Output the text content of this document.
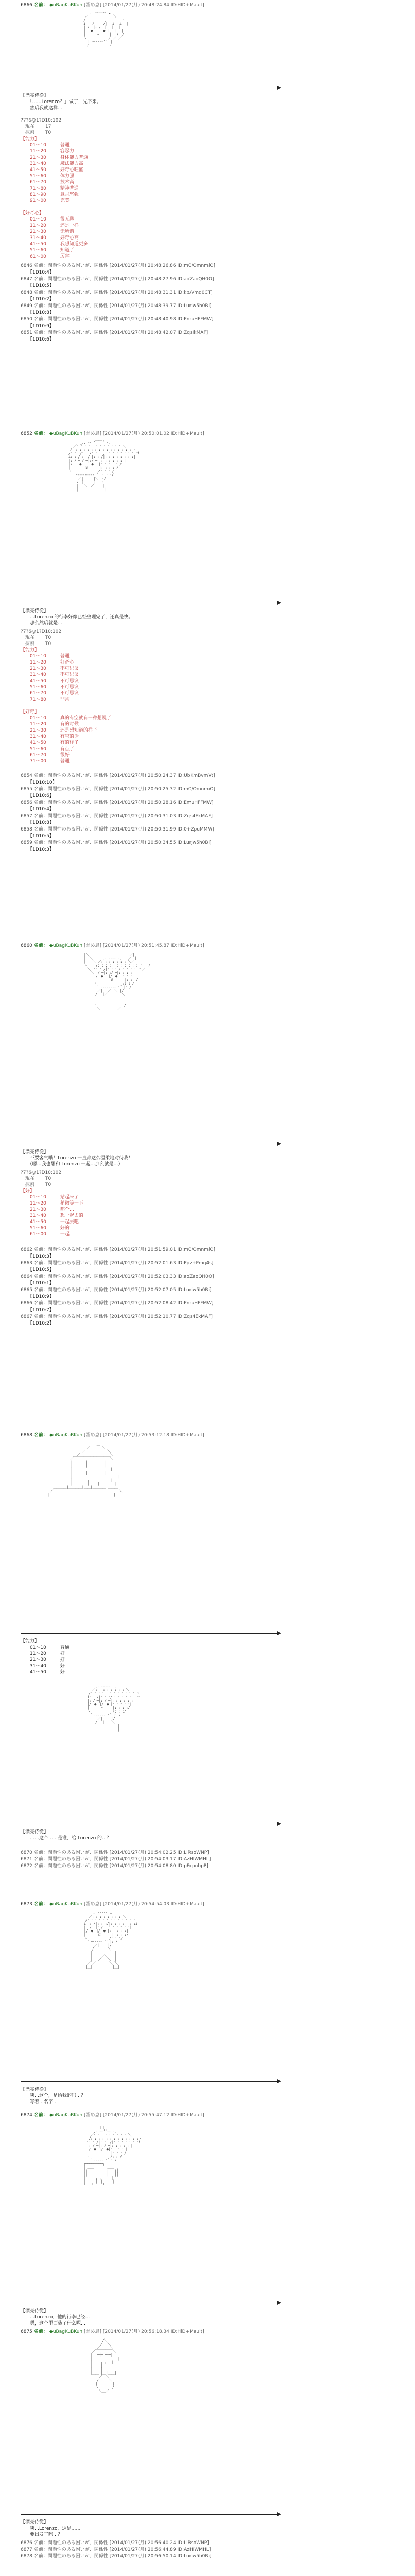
6866 名前： ◆uBagKuBKuh [溜め息] [2014/01/27(月) 20:48:24.84 ID:HlD+Mauit]
　　　　　　　　　　　　　　　　　 ,　-‐==‐- .、
　　　　　　　　　　　　　　　　／　　　　　　　 ＼
　　　　　　　　　　　　 　 　 /　　 ,　　 ,　　　　 ヽ
　　　　　　　　　　　　 　 　 i　　/ |　 /|　 i　 i　 |
　　　　　　　　　　　　 　 　 | / ─|‐ /─ |　 |　 |
　　　　　　　　　　　　 　 　 |　 ● 　　 ● | 　|　 |
　　　　　　　　　　　　 　 　 |　　　 ｰ 　　 |　 /　/
　　　　　　　　　　　　 　 　 ヽ_　　　　　_ノ ／ ／
　　　　　　　　　　　　 　 　　 |｀ー‐‐‐‐'´　|
　　　　　　　　　　　　 　 　　 ﾉ　　　　　　ヽ
【漂亮侍從】
　　「……Lorenzo？」做了，先下来。
　　然后我就这样…
?7?6@1?D10:102
　現在　:　17
　探索　:　T0
【能力】
　　01〜10　　　普通
　　11〜20　　　容忍力
　　21〜30　　　身体能力普通
　　31〜40　　　魔法能力高
　　41〜50　　　好奇心旺盛
　　51〜60　　　体力强
　　61〜70　　　技术高
　　71〜80　　　精神普通
　　81〜90　　　意志坚强
　　91〜00　　　完美

【好奇心】
　　01〜10　　　很无聊
　　11〜20　　　还是一样
　　21〜30　　　无所谓
　　31〜40　　　好奇心高
　　41〜50　　　我想知道更多
　　51〜60　　　知道了
　　61〜00　　　厉害
6846 名前：問題性のある困いが、関係性 [2014/01/27(月) 20:48:26.86 ID:m0/OmnmiO]
【1D10:4】
6847 名前：問題性のある困いが、関係性 [2014/01/27(月) 20:48:27.96 ID:aoZaoQH0O]
【1D10:5】
6848 名前：問題性のある困いが、関係性 [2014/01/27(月) 20:48:31.31 ID:kb/Vmd0CT]
【1D10:2】
6849 名前：問題性のある困いが、関係性 [2014/01/27(月) 20:48:39.77 ID:Lurjw5h0Bi]
【1D10:8】
6850 名前：問題性のある困いが、関係性 [2014/01/27(月) 20:48:40.98 ID:EmuHFFMW]
【1D10:9】
6851 名前：問題性のある困いが、関係性 [2014/01/27(月) 20:48:42.07 ID:ZqsIkMAF]
【1D10:6】
6852 名前： ◆uBagKuBKuh [溜め息] [2014/01/27(月) 20:50:01.02 ID:HlD+Mauit]
　　　　　　　　　　　 _,. -‐ '￣￣｀ヽ、
　　　　　　　　　 ／: : : : : : : : : : : : ＼
　　　　　　　　 /: : : : : : : : : : : : : : : : ヽ
　　　　　　 　 /: : :/: : /: : : ,: : : : : : : : :i
　　　　　　 　 i: : /|: :/ |: : /|: : : : : : : :|
　　　　　　 　 |: / ─|/ ─|:/ ─ |: : : : : : |
　　　　　　 　 |/ 　 ●　　　●　 |: : : : : /
　　　　　　 　 |　　　　 ﾛ　　　 |: : : : /
　　　　　　 　 ヽ　　　　　　　 ノ: : : /
　　　　　　 　　 ` ｰ--------‐ ' |: : :/
　　　　　　　　　　　／|　　　|＼ ヽ/
　　　　　　　　　　 /　|　　　|　 ヽ
　　　　　　　　　　 |　 ＼＿／　　 |
　　　　　　　　　　 |　　　　　　　 |
【漂亮侍從】
　　…Lorenzo 的行李好像已经整理完了，还真是快。
　　那么然后就是…
?7?6@1?D10:102
　現在　:　T0
　探索　:　T0
【能力】
　　01〜10　　　普通
　　11〜20　　　好奇心
　　21〜30　　　不可思议
　　31〜40　　　不可思议
　　41〜50　　　不可思议
　　51〜60　　　不可思议
　　61〜70　　　不可思议
　　71〜80　　　非常

【好奇】
　　01〜10　　　真的有空就有一种想说了
　　11〜20　　　有的时候
　　21〜30　　　还是想知道的样子
　　31〜40　　　有空的话
　　41〜50　　　有的样子
　　51〜60　　　有点了
　　61〜70　　　很好
　　71〜00　　　普通
6854 名前：問題性のある困いが、関係性 [2014/01/27(月) 20:50:24.37 ID:UbKmBvmVt]
【1D10:10】
6855 名前：問題性のある困いが、関係性 [2014/01/27(月) 20:50:25.32 ID:m0/OmnmiO]
【1D10:6】
6856 名前：問題性のある困いが、関係性 [2014/01/27(月) 20:50:28.16 ID:EmuHFFMW]
【1D10:4】
6857 名前：問題性のある困いが、関係性 [2014/01/27(月) 20:50:31.03 ID:Zqs4EkMAF]
【1D10:8】
6858 名前：問題性のある困いが、関係性 [2014/01/27(月) 20:50:31.99 ID:0+ZpuMMW]
【1D10:5】
6859 名前：問題性のある困いが、関係性 [2014/01/27(月) 20:50:34.55 ID:Lurjw5h0Bi]
【1D10:3】
6860 名前： ◆uBagKuBKuh [溜め息] [2014/01/27(月) 20:51:45.87 ID:HlD+Mauit]
　　　　　　 |＼　　　　　　　　　　　　／|
　　　　　　 |　＼　　　,. -‐‐- .、　　／　|
　　　　　　 |　　＼ ／: : : : : : : ＼／　 |
　　　　　　 ヽ　　 /: : : : : : : : : : : ヽ　 /
　　　　　　　 ＼　i: : /|: : : /|: : : : :i／
　　　　　　　　 ＼| / ─|: :/ ─|: : : : |
　　　　　　　　　 |/　●　 |/　●　|: : : |
　　　　　　　　　 |　　　　 ﾛ　　　 |: : :/
　　　　　　　　　 ヽ　　　　　　　 /: : /
　　　　　　　　　　 ` ｰ------‐ '´ |: /
　　　　　　　　　　 ／|　 ／　＼ |/
　　　　　　　　　　/　 |／　　　　＼
　　　　　　　　　 |　　　　　　　　　|
　　　　　　　　　 |　　　　　　　　　|
　　　　　　　　　 ヽ　　　　　　　　/
　　　　　　　　　　 ＼＿＿＿＿＿／
【漂亮侍從】
　　不要客气哦！Lorenzo 一直都这么温柔地对待我！
　　（嗯…我也想和 Lorenzo 一起…那么就是…）
?7?6@1?D10:102
　現在　:　T0
　探索　:　T0
【好】
　　01〜10　　　站起来了
　　11〜20　　　稍微等一下
　　21〜30　　　那个…
　　31〜40　　　想一起去的
　　41〜50　　　一起去吧
　　51〜60　　　好的
　　61〜00　　　一起
6862 名前：問題性のある困いが、関係性 [2014/01/27(月) 20:51:59.01 ID:m0/OmnmiO]
【1D10:3】
6863 名前：問題性のある困いが、関係性 [2014/01/27(月) 20:52:01.63 ID:Ppz+Pmq4s]
【1D10:5】
6864 名前：問題性のある困いが、関係性 [2014/01/27(月) 20:52:03.33 ID:aoZaoQH0O]
【1D10:1】
6865 名前：問題性のある困いが、関係性 [2014/01/27(月) 20:52:07.05 ID:Lurjw5h0Bi]
【1D10:9】
6866 名前：問題性のある困いが、関係性 [2014/01/27(月) 20:52:08.42 ID:EmuHFFMW]
【1D10:7】
6867 名前：問題性のある困いが、関係性 [2014/01/27(月) 20:52:10.77 ID:Zqs4EkMAF]
【1D10:2】
6868 名前： ◆uBagKuBKuh [溜め息] [2014/01/27(月) 20:53:12.18 ID:HlD+Mauit]
　　　　　　　　　　　　　　　_　＿
　　　　　　　　　　　　　 ／　　　 ＼
　　　　　　　　　　 　 ／　　　　　　 ＼
　　　　　　　　　　 ／　　　　　　　　　＼
　　　　　　　　 ／￣￣￣￣￣￣￣￣￣￣￣＼
　　　　　　　　 |　　　　|　　　　　|　　　　|
　　　　　　　　 |　　　　|　　　　　|　　　　|
　　　　　　　　 |　　　 ─┼─　　 ─┼─　　|
　　　　　　　　 |　　　　|　　　　　|　　　　|
　　　　　　　　 |　　　　　　　　　　　　　 |
　　　　　　　　 |　　　　 ┌──┐　　　　 |
　　　　　　　　 |　　　　 |　　 |　　　　 |
　　　 ＿＿＿＿|＿＿＿＿|＿＿|＿＿＿＿|＿＿＿
　　 ／　　　　　　　　　　　　　　　　　　　 ＼
　　|＿＿＿＿＿＿＿＿＿＿＿＿＿＿＿＿＿＿＿|
【能力】
　　01〜10　　　普通
　　11〜20　　　好
　　21〜30　　　好
　　31〜40　　　好
　　41〜50　　　好
　　　　　　　　　　,. -‐‐‐- .、
　　　　　　　　　／: : : : : : : : ＼
　　　　　　　　/: : : : : : : : : : : : ヽ
　　　　　　　 i: : /|: : :/|: : : : : : :i
　　　　　　　 |: / ─|: / ─|: : : : : :|
　　　　　　　 |/　●　|/　● |: : : : :|
　　　　　　　 |　　　 ｰ　　　|: : : :/
　　　　　　　 ヽ　　　　　　 /: : :/
　　　　　　　　 ` ｰ----‐ '´ |: /
　　　　　　　　　　 ／|　　 |/
　　　　　　　　　　/　 |　　＼
　　　　　　　　　 |　　　　　　 |
　　　　　　　　　 |　　　　　　 |
【漂亮侍從】
　　……这个……是谁，给 Lorenzo 的…？
6870 名前：問題性のある困いが、関係性 [2014/01/27(月) 20:54:02.25 ID:LiRsoWNP]
6871 名前：問題性のある困いが、関係性 [2014/01/27(月) 20:54:03.17 ID:AzHIWMHL]
6872 名前：問題性のある困いが、関係性 [2014/01/27(月) 20:54:08.80 ID:pFcpnbpP]
6873 名前： ◆uBagKuBKuh [溜め息] [2014/01/27(月) 20:54:54.03 ID:HlD+Mauit]
　　　　　　　　　,. -‐‐‐- .、
　　　　　　　　／: : : : : : : : ＼
　　　　　　　/: : : : : : : : : : : : ヽ
　　　　　　 i: : /|: : :/|: : : : : : :i
　　　　　　 |: / ─|: / ─|: : : : : :|
　　　　　　 |/　●　|/　● |: : : : :|
　　　　　　 |　　　 ロ　　　|: : : :/
　　　　　　 ヽ　　　　　　 /: : :/
　　　　　　　 ` ｰ----‐ '´ |: /
　　　　　　　　　 ／|　　 |/
　　　　　　　　　/　 |　　＼
　　　　　　　　 |　　　　　　 |
　　　　　　　　 |　　 ／＼　　|
　　　　　　　　 |　 ／　　＼　|
　　　　　　　 ／ ／　　　　＼ ＼
　　　　　　　|＿|　　　　　　|＿|
【漂亮侍從】
　　咦…这个，是给我的吗…？
　　写着…名字…
6874 名前： ◆uBagKuBKuh [溜め息] [2014/01/27(月) 20:55:47.12 ID:HlD+Mauit]
　　　　　　　　　　　　　_
　　　　　　　　　　　　 ｜｜
　　　　　　　　　　　,. -‐┴┴‐- .、
　　　　　　　　　　／: : : : : : : : : ＼
　　　　　　　　　 /: : : : : : : : : : : : :ヽ
　　　　　　　　　i: : /|: : :/|: : : : : : :i
　　　　　　　　　|: / ─|: / ─|: : : : : |
　　　　　　　　　|/　●　|/　●|: : : : |
　　　　　　　　　|　　　 ｰ　　 |: : : /
　　　　　　　　　ヽ　　　　　　/: : /
　　　　　　　　　　` ｰ---‐ '´|: /
　　　　　　　　┌─────────┐
　　　　　　　　│ ＿＿　　　　＿＿│
　　　　　　　　│|　　|　　　|　　|│
　　　　　　　　│|＿＿|　　　|＿＿|│
　　　　　　　　│　　　┌─┐　　　│
　　　　　　　　│　　　│　│　　　│
　　　　　　　　└───┴─┴───┘
【漂亮侍從】
　　…Lorenzo，他的行李已经…
　　嗯，这个里面装了什么呢…
6875 名前： ◆uBagKuBKuh [溜め息] [2014/01/27(月) 20:56:18.34 ID:HlD+Mauit]
　　　　　　　　　　　　　 /＼
　　　　　　　　　　　　　/　 ＼
　　　　　　　　　　　　／　　　＼
　　　　　　　　　　 ／￣￣￣￣￣＼
　　　　　　　　　　|　 ─┼─ ─┼─|
　　　　　　　　　　|　　　　　　　 |
　　　　　　　　　　|　　 ┌─┐　 |
　　　　　　　　　　|　　 |　 |　 |
　　　　　　　　　　|　　 |　 |　 |
　　　　　　　　　　|＿＿_|＿|＿＿|
　　　　　　　　　　　　 ／　＼
　　　　　　　　　　　　/　　　＼
　　　　　　　　　　　 |　　　　 |
　　　　　　　　　　　 ヽ　　　　/
　　　　　　　　　　　　 ＼＿／
【漂亮侍從】
　　咦…Lorenzo，这是……
　　要出发了吗…？
6876 名前：問題性のある困いが、関係性 [2014/01/27(月) 20:56:40.24 ID:LiRsoWNP]
6877 名前：問題性のある困いが、関係性 [2014/01/27(月) 20:56:44.89 ID:AzHIWMHL]
6878 名前：問題性のある困いが、関係性 [2014/01/27(月) 20:56:50.14 ID:Lurjw5h0Bi]
